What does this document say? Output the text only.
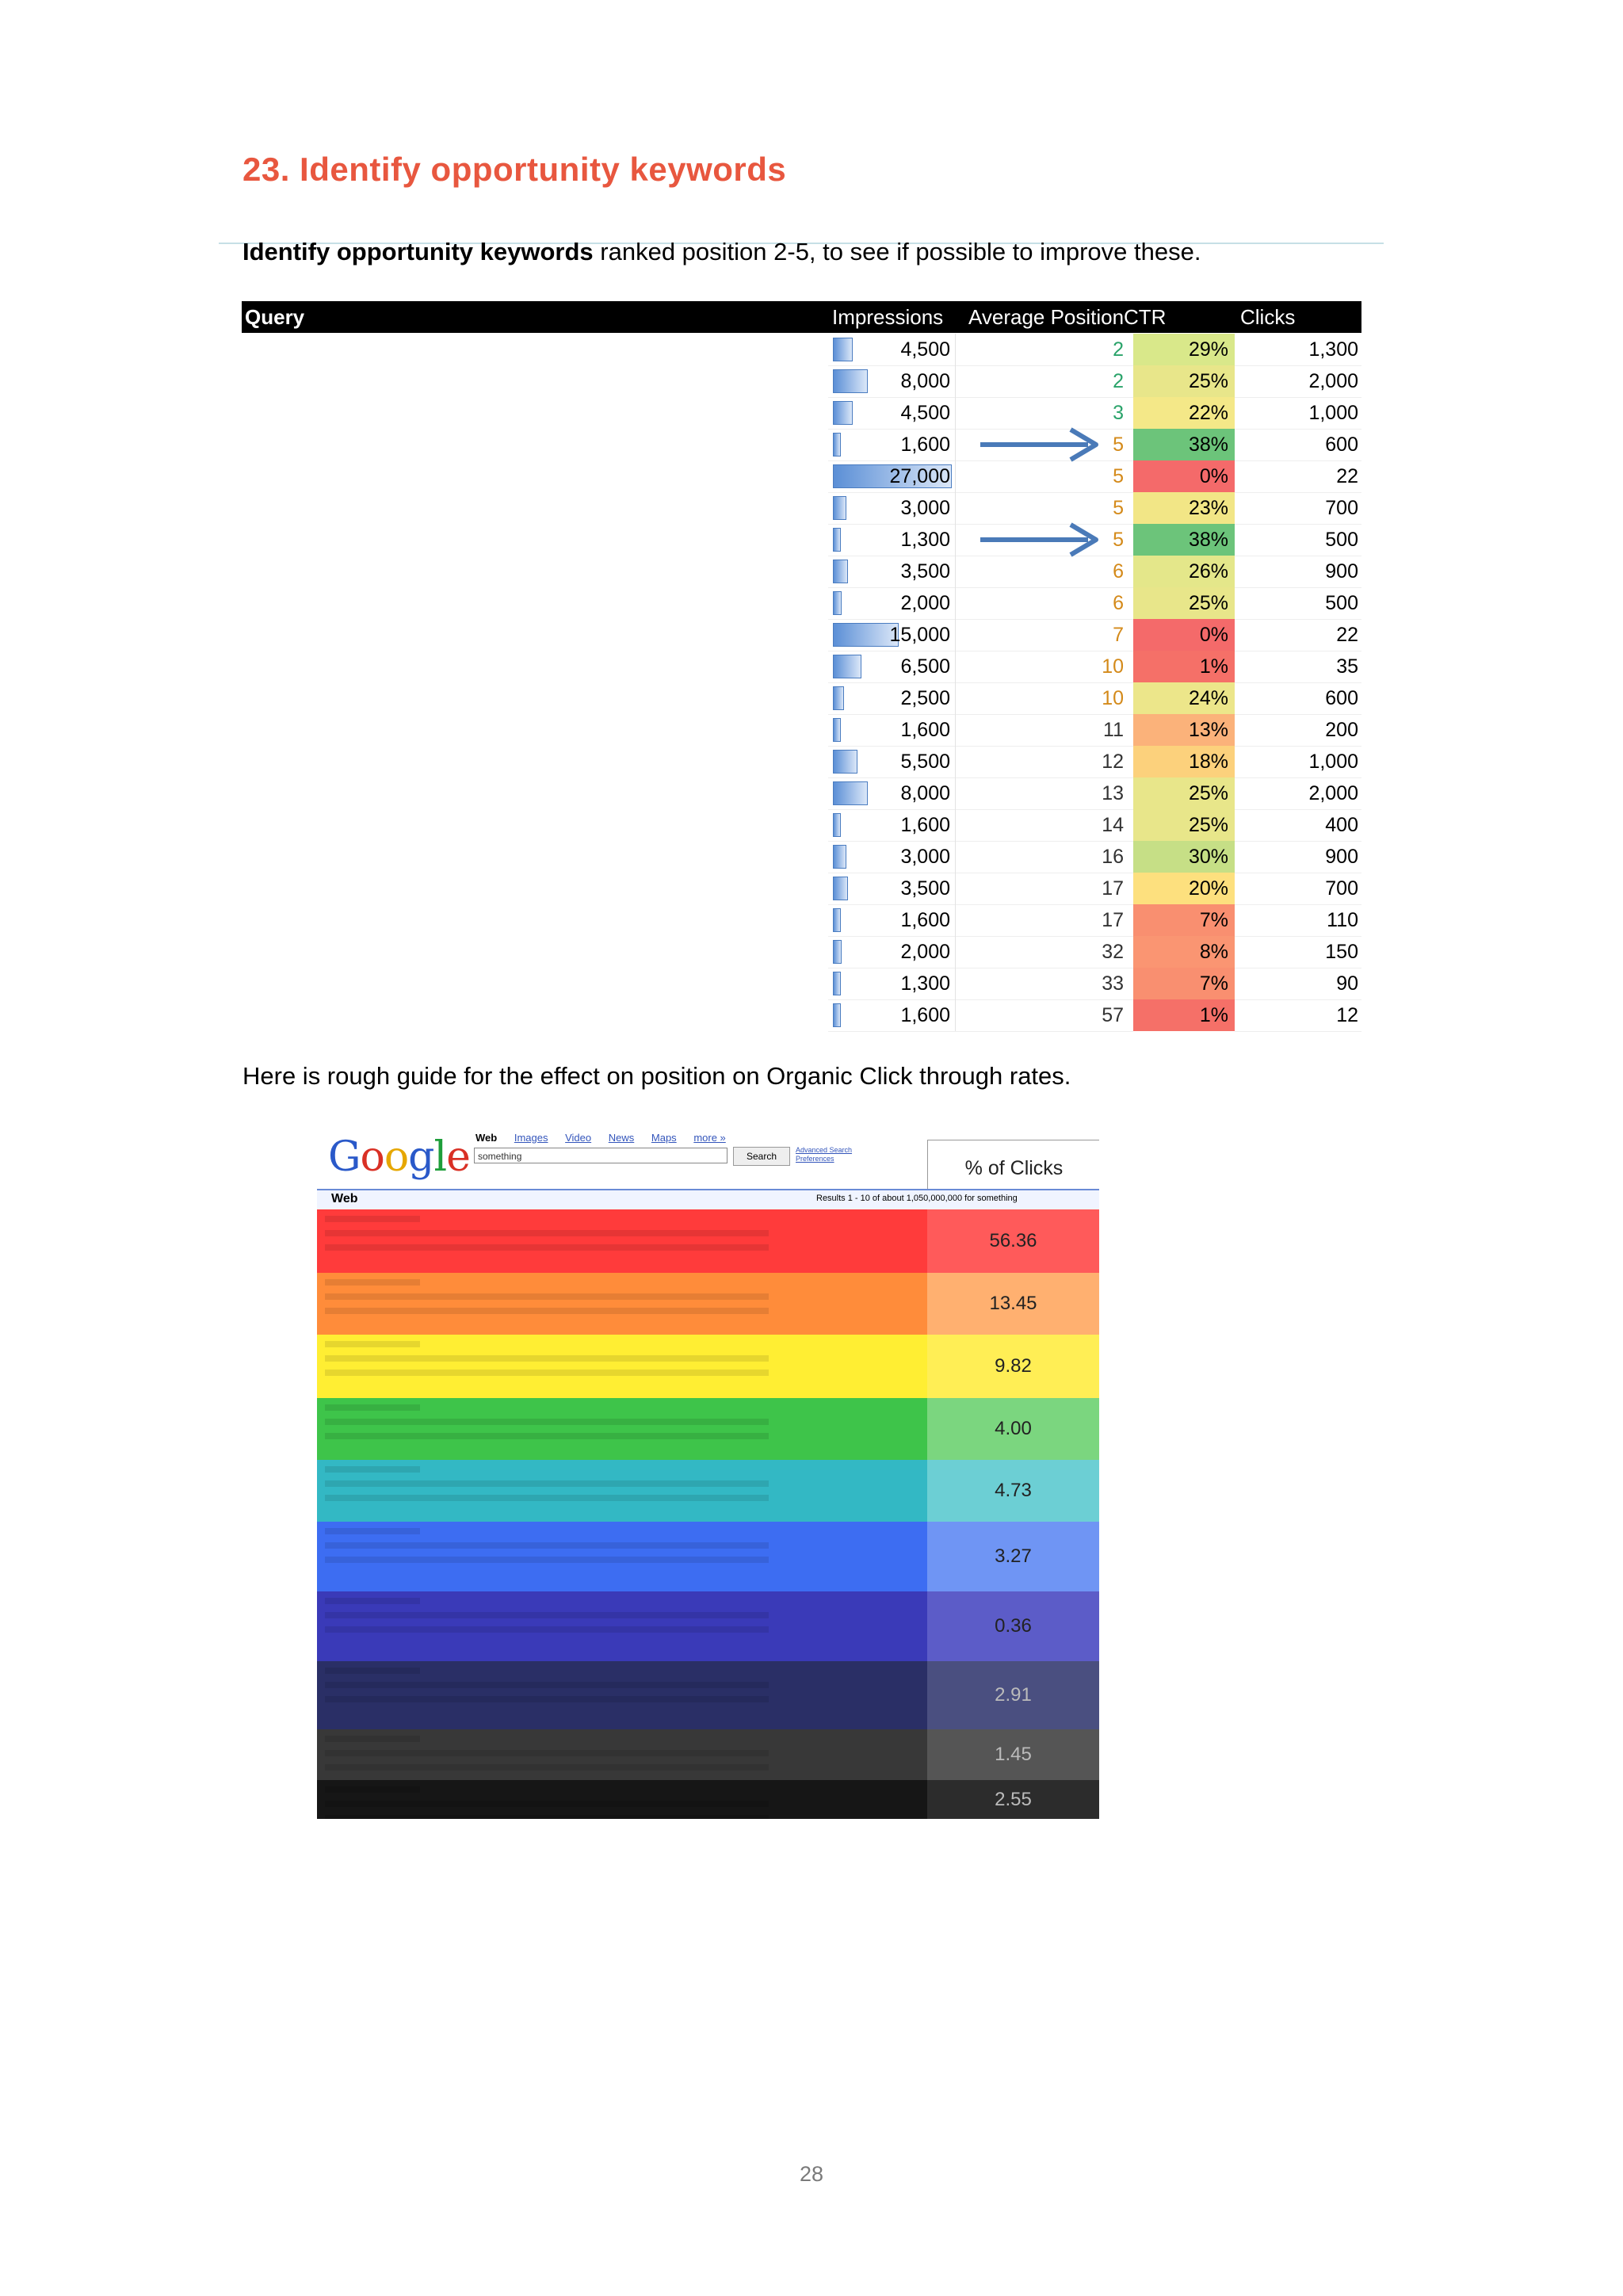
23. Identify opportunity keywords
Identify opportunity keywords ranked position 2-5, to see if possible to improve these.
Query	Impressions Average Position CTR	Clicks
4,500	2	29%	1,300
8,000	2	25%	2,000
4,500	3	22%	1,000
1,600	5	38%	600
27,000	5	0%	22
3,000	5	23%	700
1,300	5	38%	500
3,500	6	26%	900
2,000	6	25%	500
15,000	7	0%	22
6,500	10	1%	35
2,500	10	24%	600
1,600	11	13%	200
5,500	12	18%	1,000
8,000	13	25%	2,000
1,600	14	25%	400
3,000	16	30%	900
3,500	17	20%	700
1,600	17	7%	110
2,000	32	8%	150
1,300	33	7%	90
1,600	57	1%	12
Here is rough guide for the effect on position on Organic Click through rates.
Google Web Images Video News Maps more »
something	Search
Advanced Search
Preferences	% of Clicks
Web	Results 1 - 10 of about 1,050,000,000 for something
56.36
13.45
9.82
4.00
4.73
3.27
0.36
2.91
1.45
2.55
28
